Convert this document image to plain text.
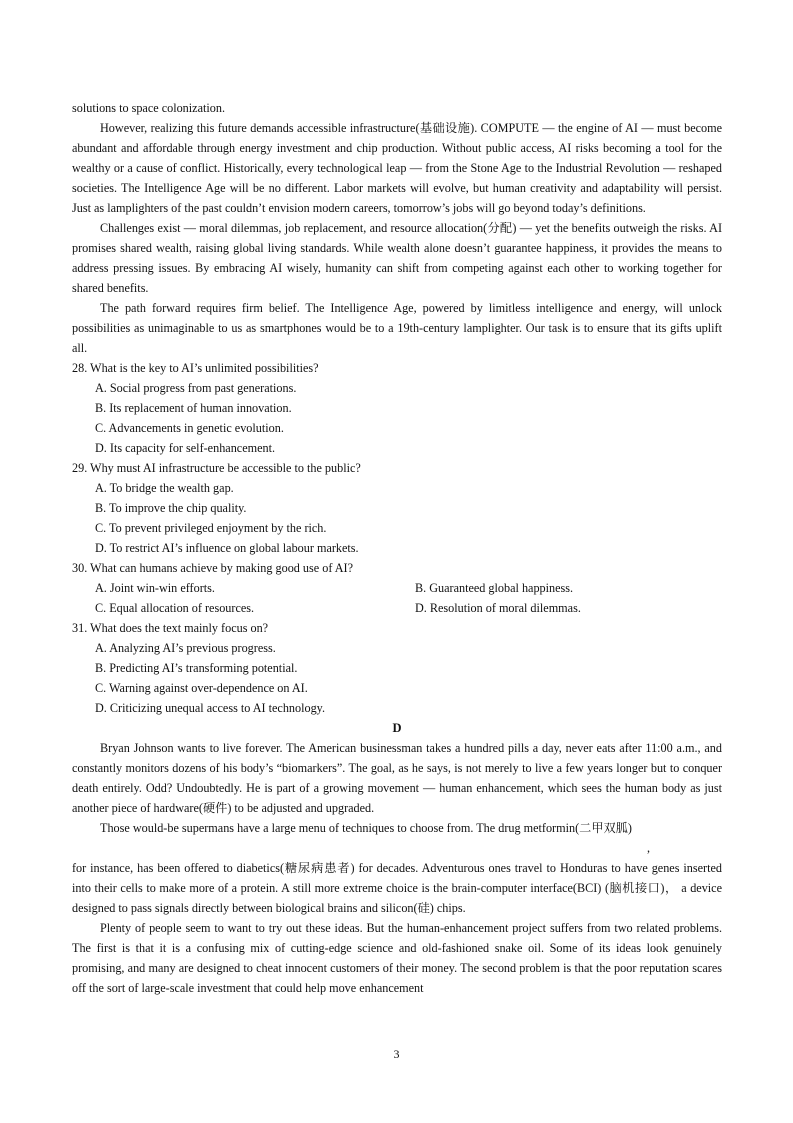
solutions to space colonization.

However, realizing this future demands accessible infrastructure(基础设施). COMPUTE — the engine of AI — must become abundant and affordable through energy investment and chip production. Without public access, AI risks becoming a tool for the wealthy or a cause of conflict. Historically, every technological leap — from the Stone Age to the Industrial Revolution — reshaped societies. The Intelligence Age will be no different. Labor markets will evolve, but human creativity and adaptability will persist. Just as lamplighters of the past couldn’t envision modern careers, tomorrow’s jobs will go beyond today’s definitions.

Challenges exist — moral dilemmas, job replacement, and resource allocation(分配) — yet the benefits outweigh the risks. AI promises shared wealth, raising global living standards. While wealth alone doesn’t guarantee happiness, it provides the means to address pressing issues. By embracing AI wisely, humanity can shift from competing against each other to working together for shared benefits.

The path forward requires firm belief. The Intelligence Age, powered by limitless intelligence and energy, will unlock possibilities as unimaginable to us as smartphones would be to a 19th-century lamplighter. Our task is to ensure that its gifts uplift all.

28. What is the key to AI’s unlimited possibilities?
A. Social progress from past generations.
B. Its replacement of human innovation.
C. Advancements in genetic evolution.
D. Its capacity for self-enhancement.
29. Why must AI infrastructure be accessible to the public?
A. To bridge the wealth gap.
B. To improve the chip quality.
C. To prevent privileged enjoyment by the rich.
D. To restrict AI’s influence on global labour markets.
30. What can humans achieve by making good use of AI?
A. Joint win-win efforts.	B. Guaranteed global happiness.
C. Equal allocation of resources.	D. Resolution of moral dilemmas.
31. What does the text mainly focus on?
A. Analyzing AI’s previous progress.
B. Predicting AI’s transforming potential.
C. Warning against over-dependence on AI.
D. Criticizing unequal access to AI technology.
D

Bryan Johnson wants to live forever. The American businessman takes a hundred pills a day, never eats after 11:00 a.m., and constantly monitors dozens of his body’s “biomarkers”. The goal, as he says, is not merely to live a few years longer but to conquer death entirely. Odd? Undoubtedly. He is part of a growing movement — human enhancement, which sees the human body as just another piece of hardware(硬件) to be adjusted and upgraded.

Those would-be supermans have a large menu of techniques to choose from. The drug metformin(二甲双胍)

,

for instance, has been offered to diabetics(糖尿病患者) for decades. Adventurous ones travel to Honduras to have genes inserted into their cells to make more of a protein. A still more extreme choice is the brain-computer interface(BCI) (脑机接口)， a device designed to pass signals directly between biological brains and silicon(硅) chips.

Plenty of people seem to want to try out these ideas. But the human-enhancement project suffers from two related problems. The first is that it is a confusing mix of cutting-edge science and old-fashioned snake oil. Some of its ideas look genuinely promising, and many are designed to cheat innocent customers of their money. The second problem is that the poor reputation scares off the sort of large-scale investment that could help move enhancement

3
